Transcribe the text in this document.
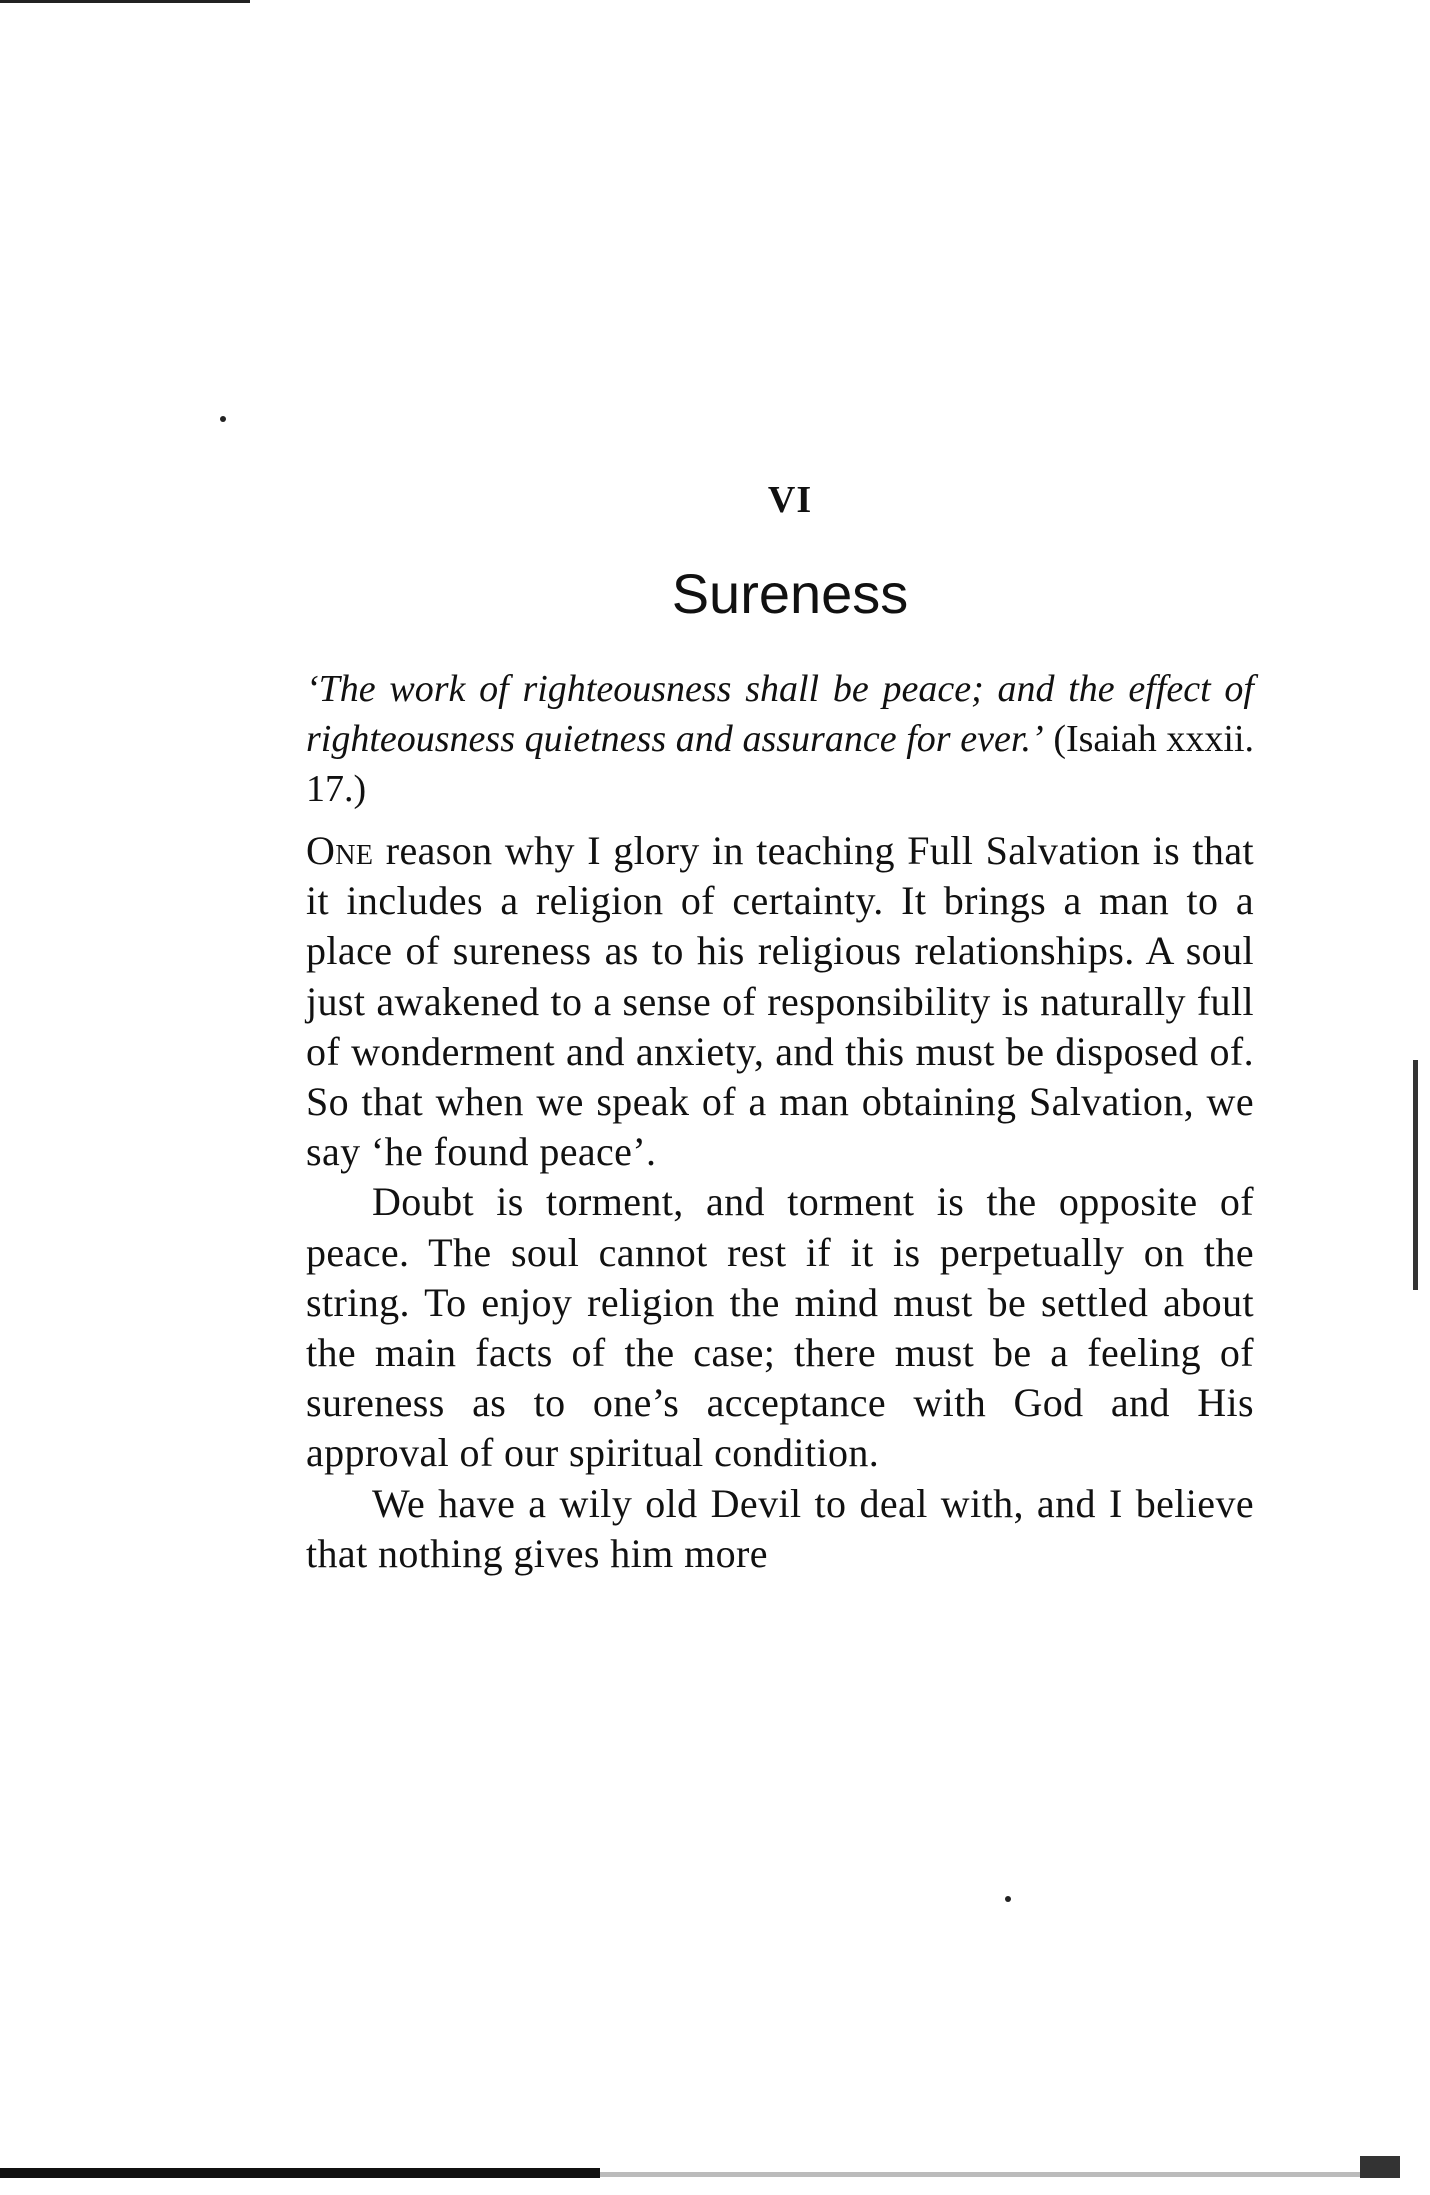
VI
Sureness

‘The work of righteousness shall be peace; and the effect of righteousness quietness and assurance for ever.’ (Isaiah xxxii. 17.)

One reason why I glory in teaching Full Salvation is that it includes a religion of certainty. It brings a man to a place of sureness as to his religious relationships. A soul just awakened to a sense of responsibility is naturally full of wonderment and anxiety, and this must be disposed of. So that when we speak of a man obtaining Salvation, we say ‘he found peace’.

Doubt is torment, and torment is the opposite of peace. The soul cannot rest if it is perpetually on the string. To enjoy religion the mind must be settled about the main facts of the case; there must be a feeling of sureness as to one’s acceptance with God and His approval of our spiritual condition.

We have a wily old Devil to deal with, and I believe that nothing gives him more
